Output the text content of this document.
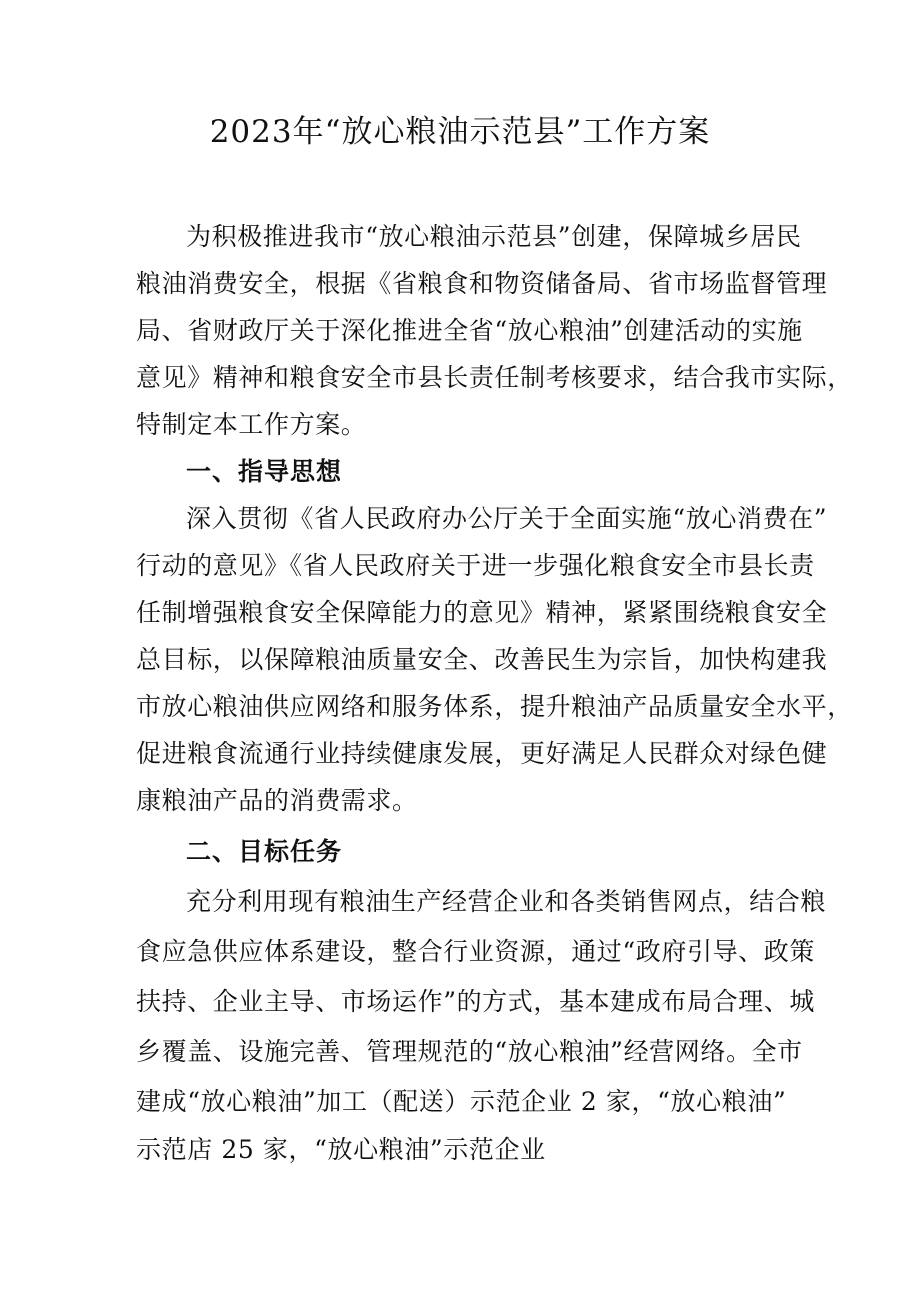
2023年“放心粮油示范县”工作方案
为积极推进我市“放心粮油示范县”创建，保障城乡居民
粮油消费安全，根据《省粮食和物资储备局、省市场监督管理
局、省财政厅关于深化推进全省“放心粮油”创建活动的实施
意见》精神和粮食安全市县长责任制考核要求，结合我市实际，
特制定本工作方案。
一、指导思想
深入贯彻《省人民政府办公厅关于全面实施“放心消费在”
行动的意见》《省人民政府关于进一步强化粮食安全市县长责
任制增强粮食安全保障能力的意见》精神，紧紧围绕粮食安全
总目标，以保障粮油质量安全、改善民生为宗旨，加快构建我
市放心粮油供应网络和服务体系，提升粮油产品质量安全水平，
促进粮食流通行业持续健康发展，更好满足人民群众对绿色健
康粮油产品的消费需求。
二、目标任务
充分利用现有粮油生产经营企业和各类销售网点，结合粮
食应急供应体系建设，整合行业资源，通过“政府引导、政策
扶持、企业主导、市场运作”的方式，基本建成布局合理、城
乡覆盖、设施完善、管理规范的“放心粮油”经营网络。全市
建成“放心粮油”加工（配送）示范企业 2 家，“放心粮油”
示范店 25 家，“放心粮油”示范企业
